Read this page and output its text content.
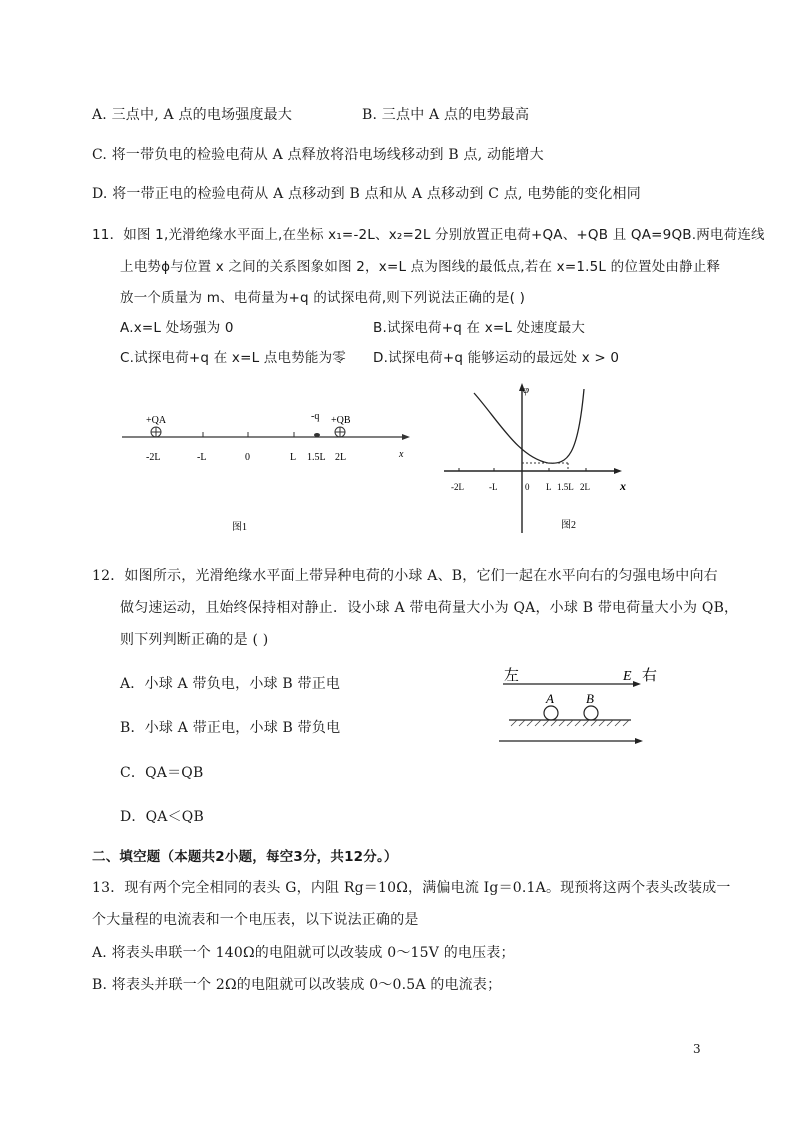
A. 三点中, A 点的电场强度最大	B. 三点中 A 点的电势最高
C. 将一带负电的检验电荷从 A 点释放将沿电场线移动到 B 点, 动能增大
D. 将一带正电的检验电荷从 A 点移动到 B 点和从 A 点移动到 C 点, 电势能的变化相同
11．如图 1,光滑绝缘水平面上,在坐标 x₁=-2L、x₂=2L 分别放置正电荷+QA、+QB 且 QA=9QB.两电荷连线
上电势ϕ与位置 x 之间的关系图象如图 2，x=L 点为图线的最低点,若在 x=1.5L 的位置处由静止释
放一个质量为 m、电荷量为+q 的试探电荷,则下列说法正确的是( )
A.x=L 处场强为 0	B.试探电荷+q 在 x=L 处速度最大
C.试探电荷+q 在 x=L 点电势能为零 D.试探电荷+q 能够运动的最远处 x > 0
+QA	-q +QB
-2L	-L	0	L 1.5L 2L	x
图1
φ
x
-2L	-L	0 L 1.5L 2L
图2
12．如图所示，光滑绝缘水平面上带异种电荷的小球 A、B，它们一起在水平向右的匀强电场中向右
做匀速运动，且始终保持相对静止．设小球 A 带电荷量大小为 QA，小球 B 带电荷量大小为 QB，
则下列判断正确的是 ( )
A．小球 A 带负电，小球 B 带正电
B．小球 A 带正电，小球 B 带负电
C．QA＝QB
D．QA＜QB
左	E 右
A B
二、填空题（本题共2小题，每空3分，共12分。）
13．现有两个完全相同的表头 G，内阻 Rg＝10Ω，满偏电流 Ig＝0.1A。现预将这两个表头改装成一
个大量程的电流表和一个电压表，以下说法正确的是
A. 将表头串联一个 140Ω的电阻就可以改装成 0～15V 的电压表；
B. 将表头并联一个 2Ω的电阻就可以改装成 0～0.5A 的电流表；
3
